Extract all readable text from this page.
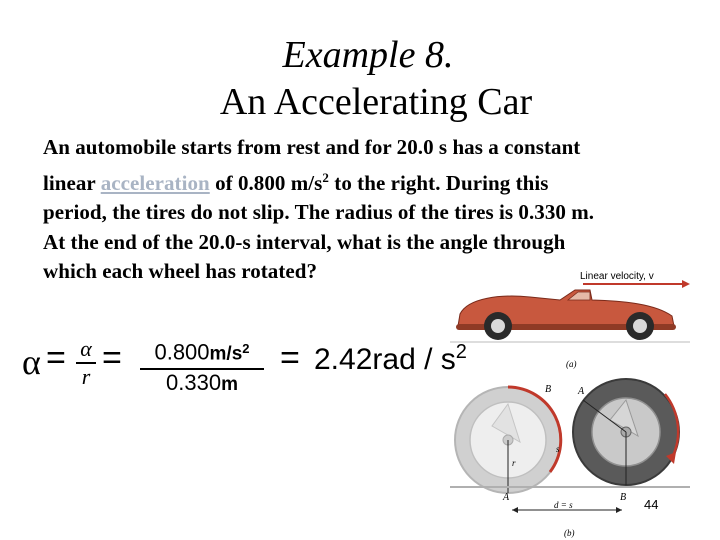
Example 8.
An Accelerating Car
An automobile starts from rest and for 20.0 s has a constant
linear acceleration of 0.800 $m/s^2$ to the right. During this
period, the tires do not slip. The radius of the tires is 0.330 m.
At the end of the 20.0-s interval, what is the angle through
which each wheel has rotated?
α = α
r =	$0.800m/s^2$
0.330m
= $2.42rad / s^2$
Linear velocity, v
(a)
r
B	A
s
A	B
d = s
(b)
44
